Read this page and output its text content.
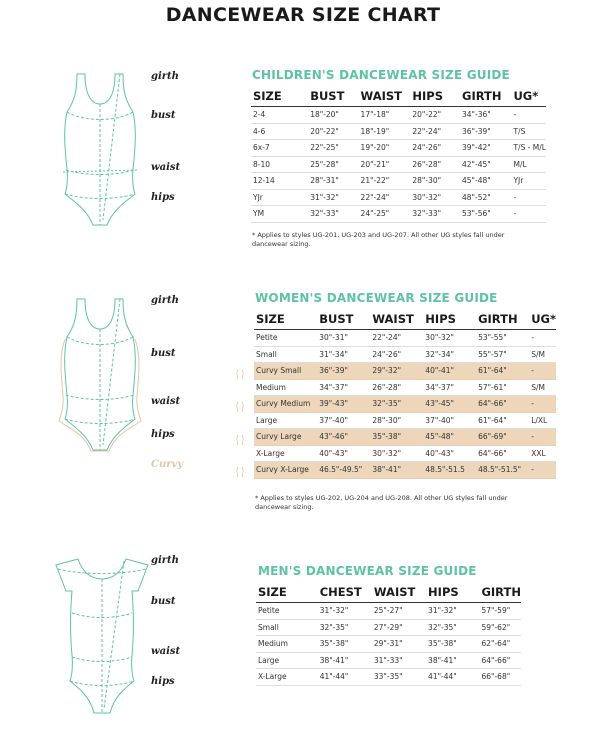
DANCEWEAR SIZE CHART
girth
bust
waist
hips
CHILDREN'S DANCEWEAR SIZE GUIDE
SIZE	BUST	WAIST	HIPS	GIRTH	UG*
2-4	18"-20"	17"-18"	20"-22"	34"-36"	-
4-6	20"-22"	18"-19"	22"-24"	36"-39"	T/S
6x-7	22"-25"	19"-20"	24"-26"	39"-42"	T/S - M/L
8-10	25"-28"	20"-21"	26"-28"	42"-45"	M/L
12-14	28"-31"	21"-22"	28"-30"	45"-48"	YJr
YJr	31"-32"	22"-24"	30"-32"	48"-52"	-
YM	32"-33"	24"-25"	32"-33"	53"-56"	-
* Applies to styles UG-201, UG-203 and UG-207. All other UG styles fall under dancewear sizing.
girth
bust
waist
hips
Curvy
WOMEN'S DANCEWEAR SIZE GUIDE
SIZE	BUST	WAIST	HIPS	GIRTH	UG*
Petite	30"-31"	22"-24"	30"-32"	53"-55"	-
Small	31"-34"	24"-26"	32"-34"	55"-57"	S/M
Curvy Small	36"-39"	29"-32"	40"-41"	61"-64"	-
Medium	34"-37"	26"-28"	34"-37"	57"-61"	S/M
Curvy Medium	39"-43"	32"-35"	43"-45"	64"-66"	-
Large	37"-40"	28"-30"	37"-40"	61"-64"	L/XL
Curvy Large	43"-46"	35"-38"	45"-48"	66"-69"	-
X-Large	40"-43"	30"-32"	40"-43"	64"-66"	XXL
Curvy X-Large	46.5"-49.5"	38"-41"	48.5"-51.5	48.5"-51.5"	-
* Applies to styles UG-202, UG-204 and UG-208. All other UG styles fall under dancewear sizing.
girth
bust
waist
hips
MEN'S DANCEWEAR SIZE GUIDE
SIZE	CHEST	WAIST	HIPS	GIRTH
Petite	31"-32"	25"-27"	31"-32"	57"-59"
Small	32"-35"	27"-29"	32"-35"	59"-62"
Medium	35"-38"	29"-31"	35"-38"	62"-64"
Large	38"-41"	31"-33"	38"-41"	64"-66"
X-Large	41"-44"	33"-35"	41"-44"	66"-68"
